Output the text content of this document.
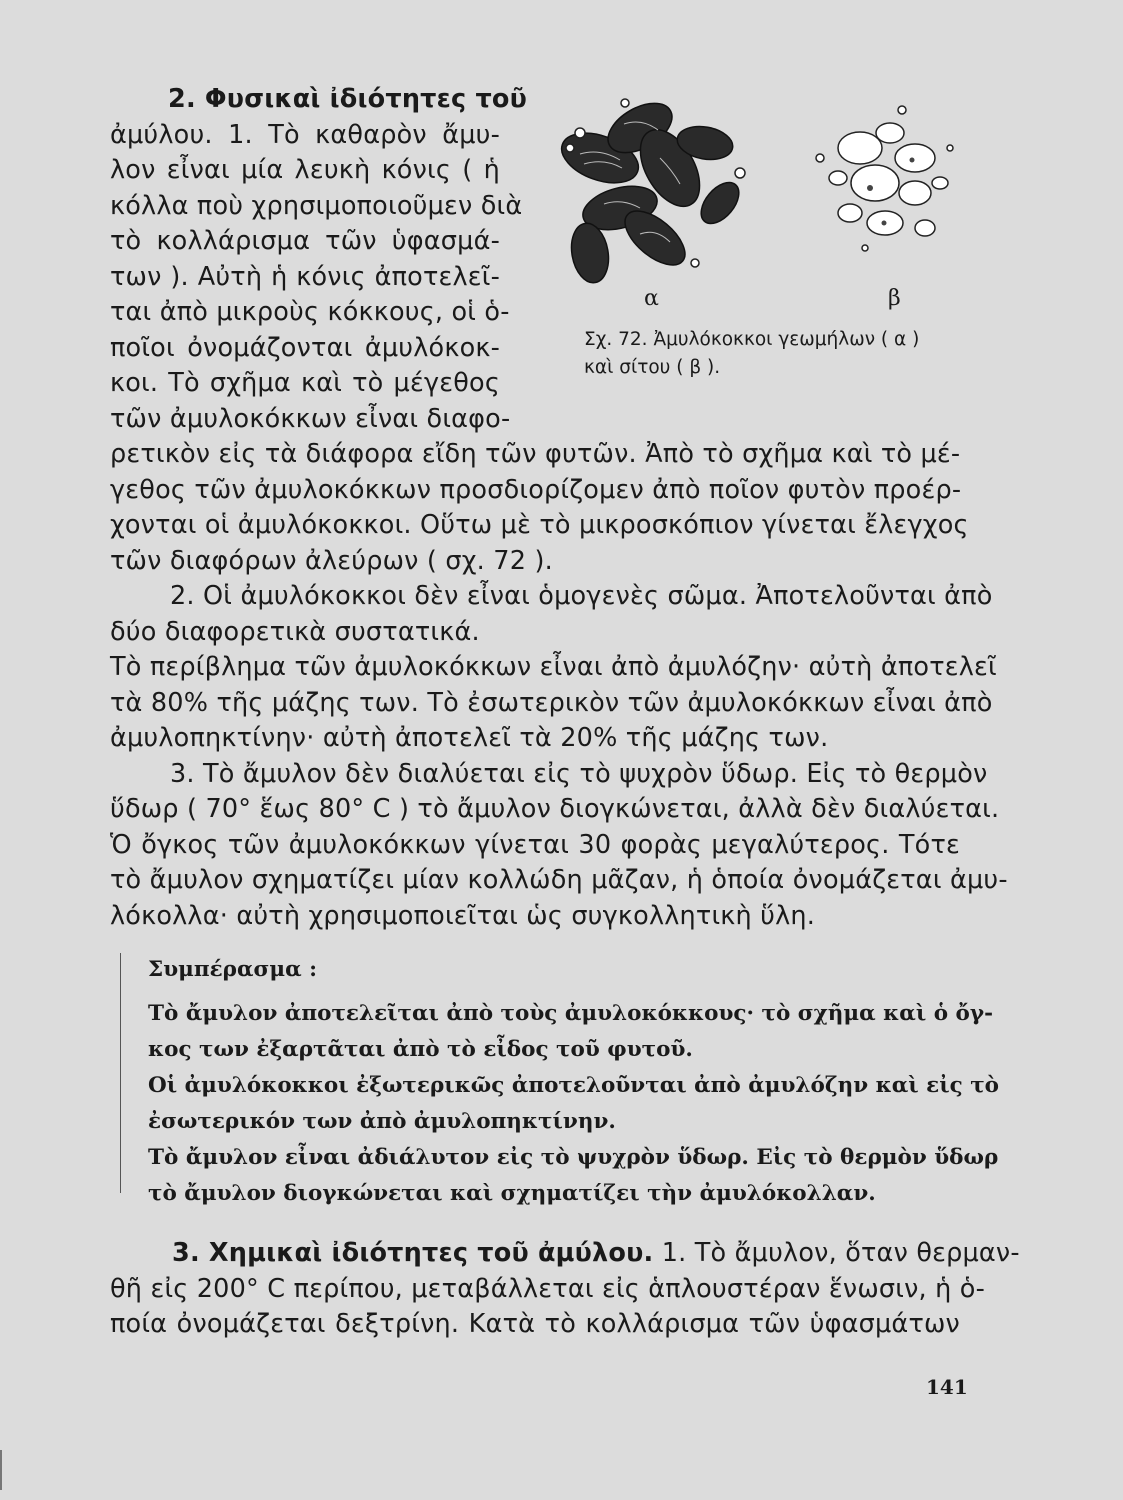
2. Φυσικαὶ ἰδιότητες τοῦ
ἀμύλου. 1. Τὸ καθαρὸν ἄμυ-
λον εἶναι μία λευκὴ κόνις ( ἡ
κόλλα ποὺ χρησιμοποιοῦμεν διὰ
τὸ κολλάρισμα τῶν ὑφασμά-
των ). Αὐτὴ ἡ κόνις ἀποτελεῖ-
ται ἀπὸ μικροὺς κόκκους, οἱ ὁ-
ποῖοι ὀνομάζονται ἀμυλόκοκ-
κοι. Τὸ σχῆμα καὶ τὸ μέγεθος
τῶν ἀμυλοκόκκων εἶναι διαφο-
α	β
Σχ. 72. Ἀμυλόκοκκοι γεωμήλων ( α )
καὶ σίτου ( β ).
ρετικὸν εἰς τὰ διάφορα εἴδη τῶν φυτῶν. Ἀπὸ τὸ σχῆμα καὶ τὸ μέ-
γεθος τῶν ἀμυλοκόκκων προσδιορίζομεν ἀπὸ ποῖον φυτὸν προέρ-
χονται οἱ ἀμυλόκοκκοι. Οὕτω μὲ τὸ μικροσκόπιον γίνεται ἔλεγχος
τῶν διαφόρων ἀλεύρων ( σχ. 72 ).
2. Οἱ ἀμυλόκοκκοι δὲν εἶναι ὁμογενὲς σῶμα. Ἀποτελοῦνται ἀπὸ
δύο διαφορετικὰ συστατικά.
Τὸ περίβλημα τῶν ἀμυλοκόκκων εἶναι ἀπὸ ἀμυλόζην· αὐτὴ ἀποτελεῖ
τὰ 80% τῆς μάζης των. Τὸ ἐσωτερικὸν τῶν ἀμυλοκόκκων εἶναι ἀπὸ
ἀμυλοπηκτίνην· αὐτὴ ἀποτελεῖ τὰ 20% τῆς μάζης των.
3. Τὸ ἄμυλον δὲν διαλύεται εἰς τὸ ψυχρὸν ὕδωρ. Εἰς τὸ θερμὸν
ὕδωρ ( 70° ἕως 80° C ) τὸ ἄμυλον διογκώνεται, ἀλλὰ δὲν διαλύεται.
Ὁ ὄγκος τῶν ἀμυλοκόκκων γίνεται 30 φορὰς μεγαλύτερος. Τότε
τὸ ἄμυλον σχηματίζει μίαν κολλώδη μᾶζαν, ἡ ὁποία ὀνομάζεται ἀμυ-
λόκολλα· αὐτὴ χρησιμοποιεῖται ὡς συγκολλητικὴ ὕλη.
Συμπέρασμα :
Τὸ ἄμυλον ἀποτελεῖται ἀπὸ τοὺς ἀμυλοκόκκους· τὸ σχῆμα καὶ ὁ ὄγ-
κος των ἐξαρτᾶται ἀπὸ τὸ εἶδος τοῦ φυτοῦ.
Οἱ ἀμυλόκοκκοι ἐξωτερικῶς ἀποτελοῦνται ἀπὸ ἀμυλόζην καὶ εἰς τὸ
ἐσωτερικόν των ἀπὸ ἀμυλοπηκτίνην.
Τὸ ἄμυλον εἶναι ἀδιάλυτον εἰς τὸ ψυχρὸν ὕδωρ. Εἰς τὸ θερμὸν ὕδωρ
τὸ ἄμυλον διογκώνεται καὶ σχηματίζει τὴν ἀμυλόκολλαν.
3. Χημικαὶ ἰδιότητες τοῦ ἀμύλου. 1. Τὸ ἄμυλον, ὅταν θερμαν-
θῆ εἰς 200° C περίπου, μεταβάλλεται εἰς ἁπλουστέραν ἕνωσιν, ἡ ὁ-
ποία ὀνομάζεται δεξτρίνη. Κατὰ τὸ κολλάρισμα τῶν ὑφασμάτων
141
